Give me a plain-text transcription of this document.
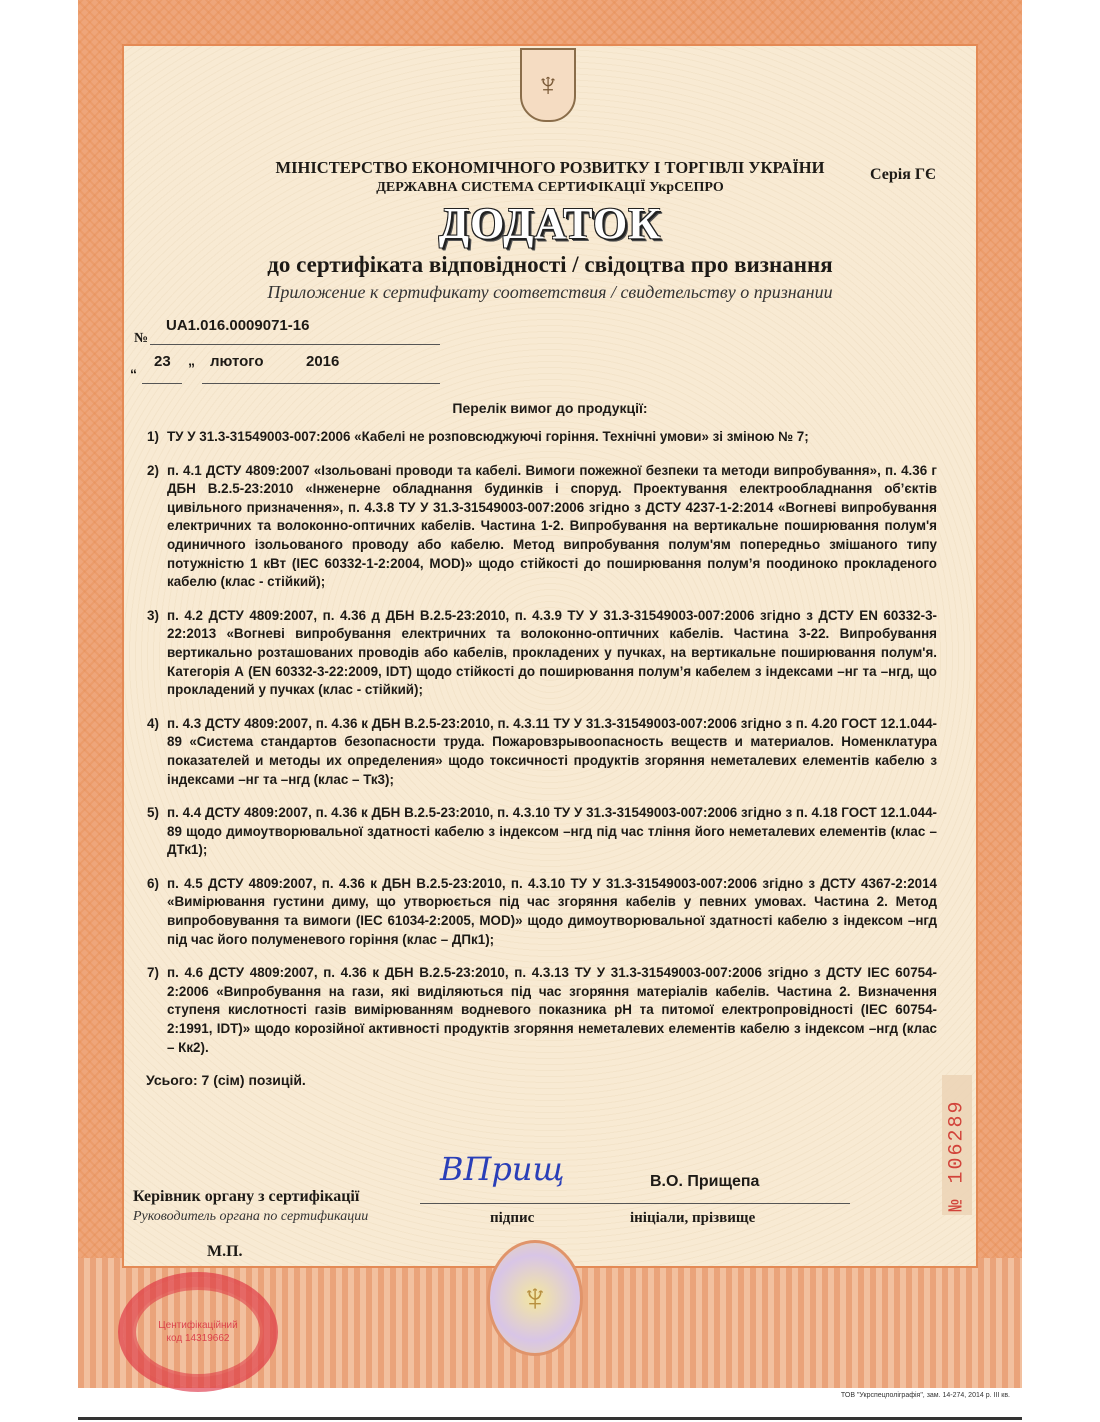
♆
МІНІСТЕРСТВО ЕКОНОМІЧНОГО РОЗВИТКУ І ТОРГІВЛІ УКРАЇНИ
ДЕРЖАВНА СИСТЕМА СЕРТИФІКАЦІЇ УкрСЕПРО
Серія ГЄ
ДОДАТОК
до сертифіката відповідності / свідоцтва про визнання
Приложение к сертификату соответствия / свидетельству о признании
№
UA1.016.0009071-16
“
23 ” лютого	2016
Перелік вимог до продукції:
1) ТУ У 31.3-31549003-007:2006 «Кабелі не розповсюджуючі горіння. Технічні умови» зі зміною № 7;
2) п. 4.1 ДСТУ 4809:2007 «Ізольовані проводи та кабелі. Вимоги пожежної безпеки та методи випробування», п. 4.36 г ДБН В.2.5-23:2010 «Інженерне обладнання будинків і споруд. Проектування електрообладнання об’єктів цивільного призначення», п. 4.3.8 ТУ У 31.3-31549003-007:2006 згідно з ДСТУ 4237-1-2:2014 «Вогневі випробування електричних та волоконно-оптичних кабелів. Частина 1-2. Випробування на вертикальне поширювання полум'я одиничного ізольованого проводу або кабелю. Метод випробування полум'ям попередньо змішаного типу потужністю 1 кВт (IEC 60332-1-2:2004, MOD)» щодо стійкості до поширювання полум’я поодиноко прокладеного кабелю (клас - стійкий);
3) п. 4.2 ДСТУ 4809:2007, п. 4.36 д ДБН В.2.5-23:2010, п. 4.3.9 ТУ У 31.3-31549003-007:2006 згідно з ДСТУ EN 60332-3-22:2013 «Вогневі випробування електричних та волоконно-оптичних кабелів. Частина 3-22. Випробування вертикально розташованих проводів або кабелів, прокладених у пучках, на вертикальне поширювання полум'я. Категорія А (EN 60332-3-22:2009, IDT) щодо стійкості до поширювання полум’я кабелем з індексами –нг та –нгд, що прокладений у пучках (клас - стійкий);
4) п. 4.3 ДСТУ 4809:2007, п. 4.36 к ДБН В.2.5-23:2010, п. 4.3.11 ТУ У 31.3-31549003-007:2006 згідно з п. 4.20 ГОСТ 12.1.044-89 «Система стандартов безопасности труда. Пожаровзрывоопасность веществ и материалов. Номенклатура показателей и методы их определения» щодо токсичності продуктів згоряння неметалевих елементів кабелю з індексами –нг та –нгд (клас – Тк3);
5) п. 4.4 ДСТУ 4809:2007, п. 4.36 к ДБН В.2.5-23:2010, п. 4.3.10 ТУ У 31.3-31549003-007:2006 згідно з п. 4.18 ГОСТ 12.1.044-89 щодо димоутворювальної здатності кабелю з індексом –нгд під час тління його неметалевих елементів (клас – ДТк1);
6) п. 4.5 ДСТУ 4809:2007, п. 4.36 к ДБН В.2.5-23:2010, п. 4.3.10 ТУ У 31.3-31549003-007:2006 згідно з ДСТУ 4367-2:2014 «Вимірювання густини диму, що утворюється під час згоряння кабелів у певних умовах. Частина 2. Метод випробовування та вимоги (IEC 61034-2:2005, MOD)» щодо димоутворювальної здатності кабелю з індексом –нгд під час його полуменевого горіння (клас – ДПк1);
7) п. 4.6 ДСТУ 4809:2007, п. 4.36 к ДБН В.2.5-23:2010, п. 4.3.13 ТУ У 31.3-31549003-007:2006 згідно з ДСТУ IEC 60754-2:2006 «Випробування на гази, які виділяються під час згоряння матеріалів кабелів. Частина 2. Визначення ступеня кислотності газів вимірюванням водневого показника pH та питомої електропровідності (IEC 60754-2:1991, IDT)» щодо корозійної активності продуктів згоряння неметалевих елементів кабелю з індексом –нгд (клас – Кк2).
Усього: 7 (сім) позицій.
Центифікаційний
код 14319662
Керівник органу з сертифікації
Руководитель органа по сертификации
М.П.
ВПрищ	В.О. Прищепа
підпис	ініціали, прізвище
♆
№ 106289
ТОВ "Укрспецполіграфія", зам. 14-274, 2014 р. III кв.
